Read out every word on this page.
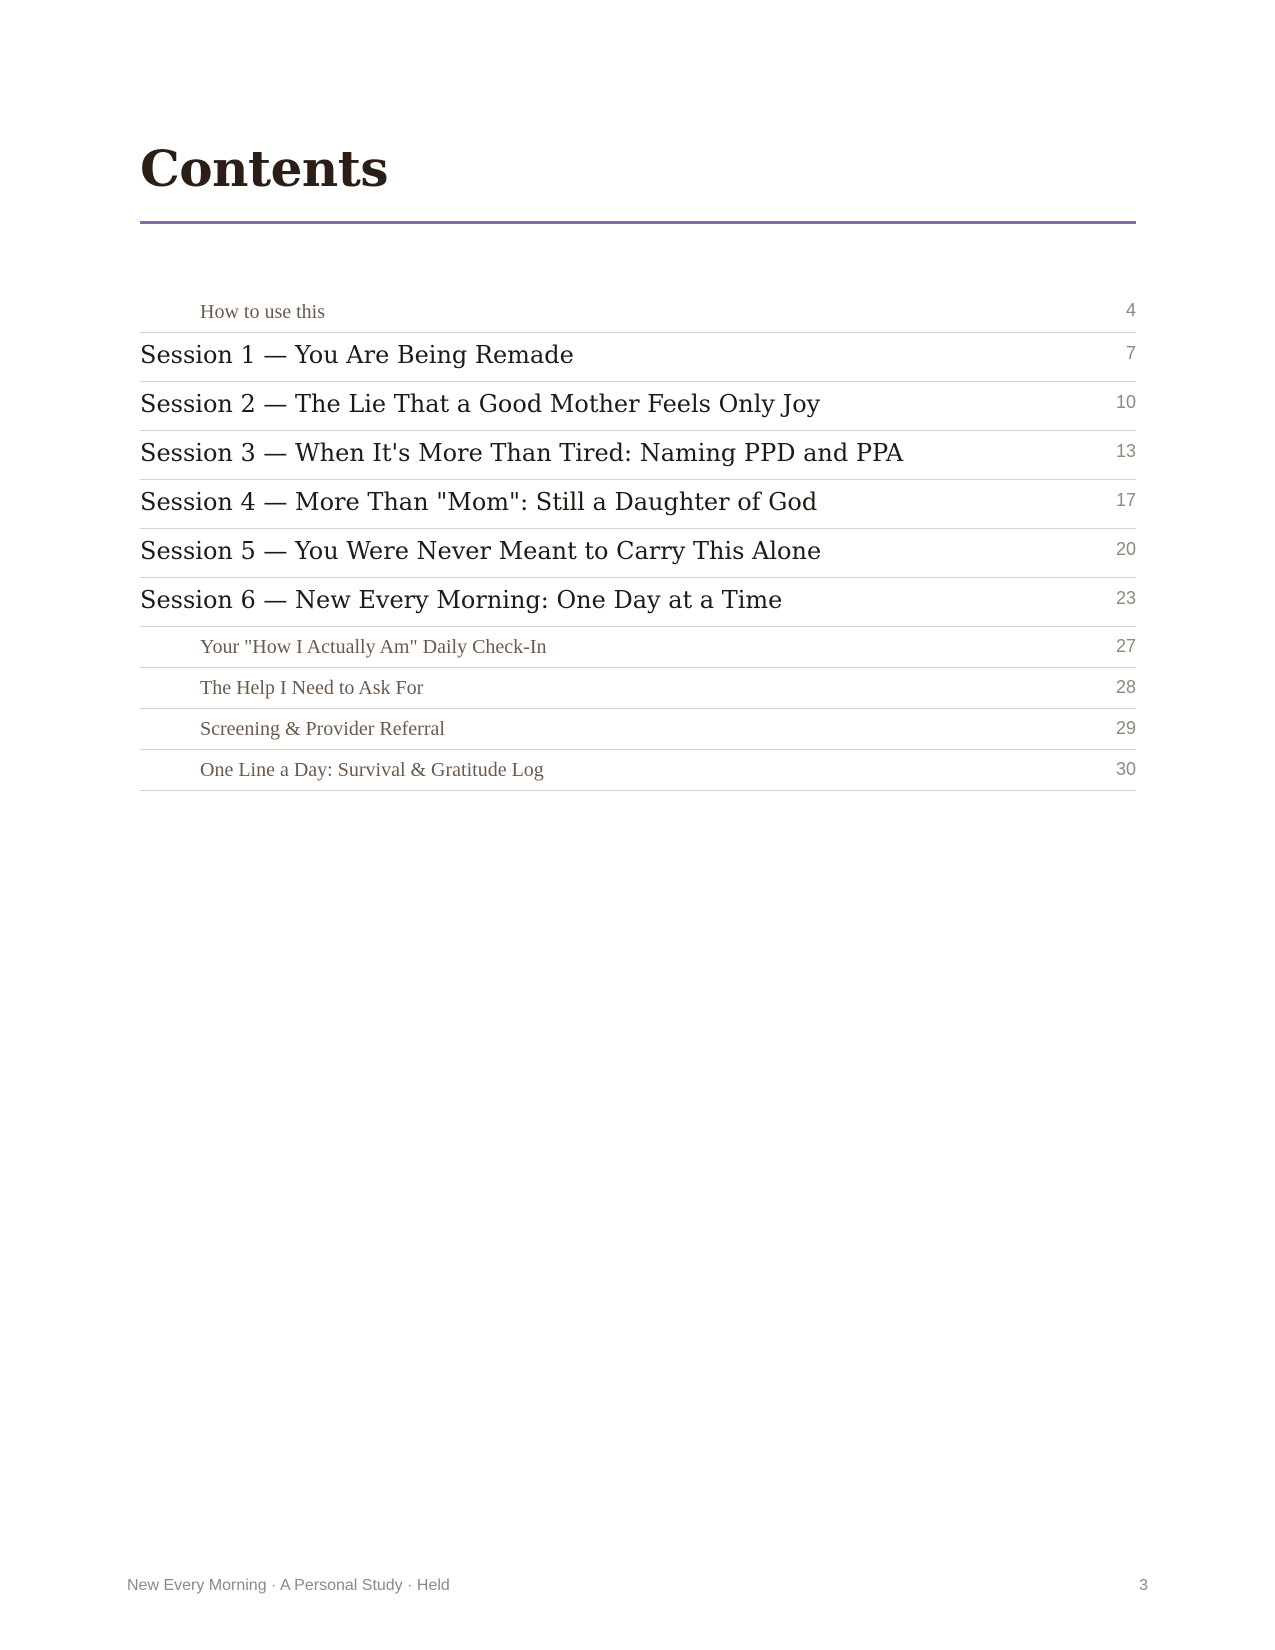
Contents
How to use this	4
Session 1 — You Are Being Remade	7
Session 2 — The Lie That a Good Mother Feels Only Joy	10
Session 3 — When It's More Than Tired: Naming PPD and PPA	13
Session 4 — More Than "Mom": Still a Daughter of God	17
Session 5 — You Were Never Meant to Carry This Alone	20
Session 6 — New Every Morning: One Day at a Time	23
Your "How I Actually Am" Daily Check-In	27
The Help I Need to Ask For	28
Screening & Provider Referral	29
One Line a Day: Survival & Gratitude Log	30
New Every Morning · A Personal Study · Held	3
